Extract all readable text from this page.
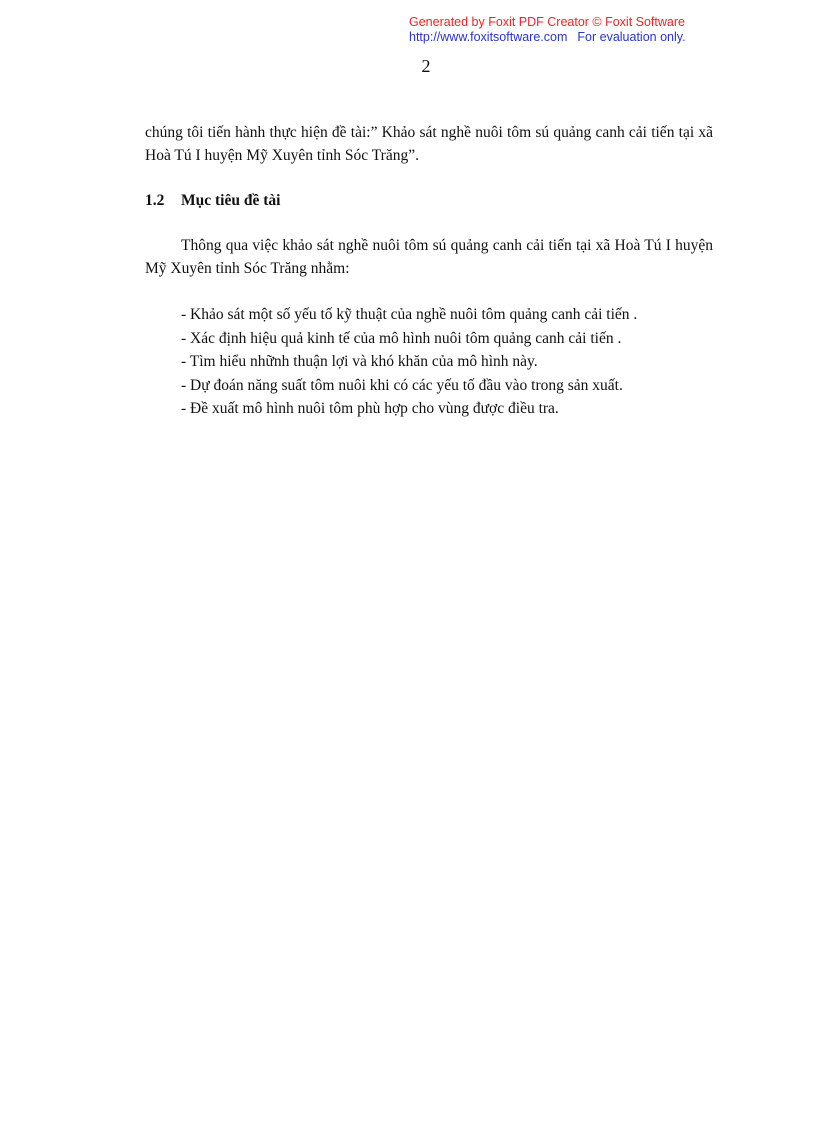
Generated by Foxit PDF Creator © Foxit Software
http://www.foxitsoftware.com For evaluation only.
2

chúng tôi tiến hành thực hiện đề tài:” Khảo sát nghề nuôi tôm sú quảng canh cải tiến tại xã Hoà Tú I huyện Mỹ Xuyên tỉnh Sóc Trăng”.

1.2 Mục tiêu đề tài

Thông qua việc khảo sát nghề nuôi tôm sú quảng canh cải tiến tại xã Hoà Tú I huyện Mỹ Xuyên tỉnh Sóc Trăng nhằm:

- Khảo sát một số yếu tố kỹ thuật của nghề nuôi tôm quảng canh cải tiến .
- Xác định hiệu quả kinh tế của mô hình nuôi tôm quảng canh cải tiến .
- Tìm hiểu nhữnh thuận lợi và khó khăn của mô hình này.
- Dự đoán năng suất tôm nuôi khi có các yếu tố đầu vào trong sản xuất.
- Đề xuất mô hình nuôi tôm phù hợp cho vùng được điều tra.
